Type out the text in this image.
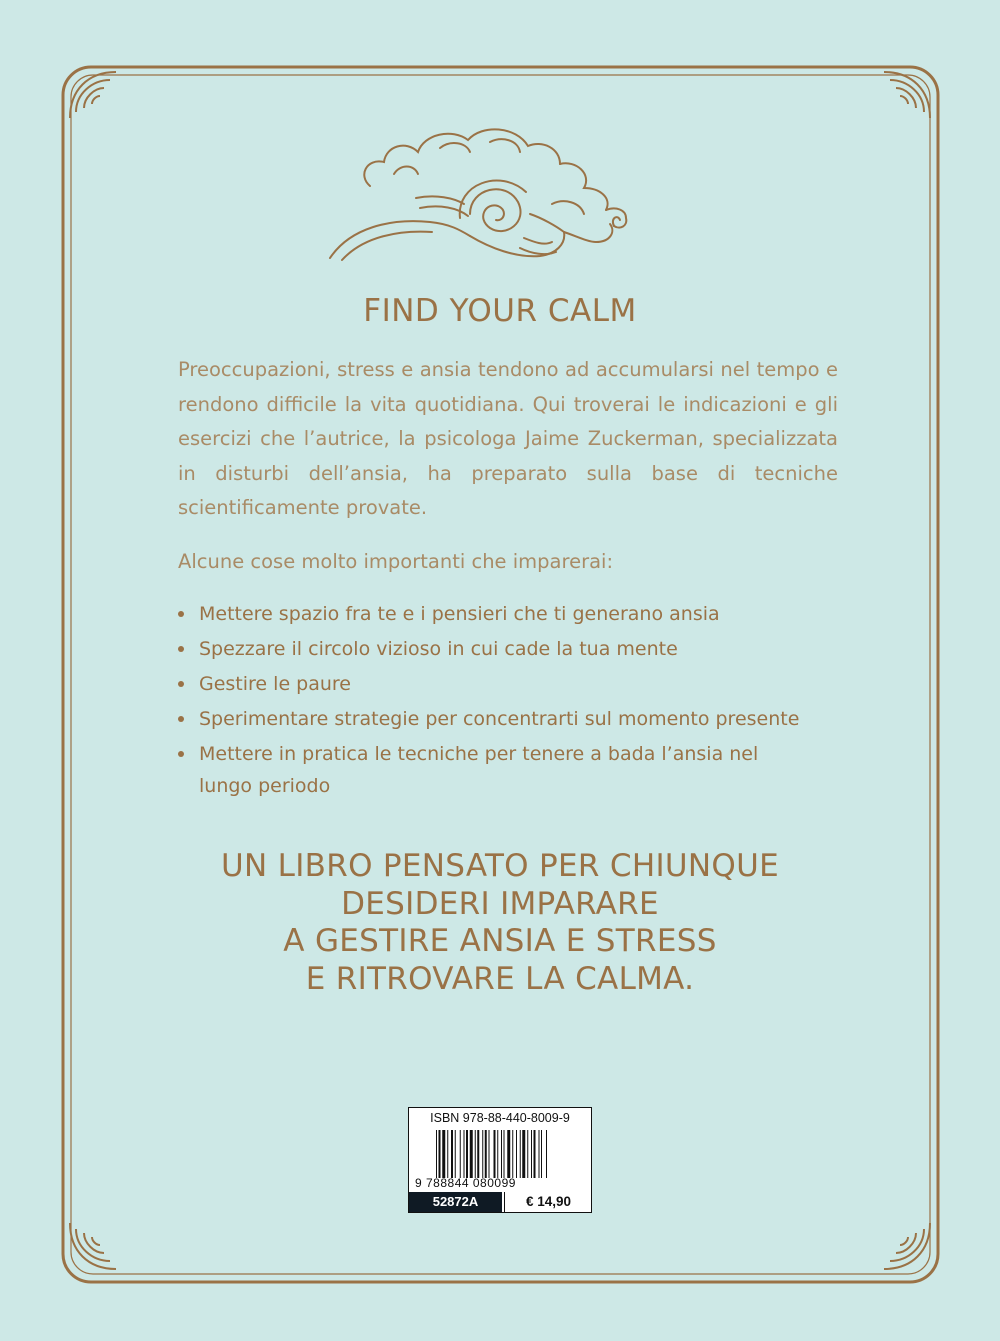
FIND YOUR CALM

Preoccupazioni, stress e ansia tendono ad accumularsi nel tempo e rendono difficile la vita quotidiana. Qui troverai le indicazioni e gli esercizi che l’autrice, la psicologa Jaime Zuckerman, specializzata in disturbi dell’ansia, ha preparato sulla base di tecniche scientificamente provate.

Alcune cose molto importanti che imparerai:

Mettere spazio fra te e i pensieri che ti generano ansia
Spezzare il circolo vizioso in cui cade la tua mente
Gestire le paure
Sperimentare strategie per concentrarti sul momento presente
Mettere in pratica le tecniche per tenere a bada l’ansia nel lungo periodo
UN LIBRO PENSATO PER CHIUNQUE
DESIDERI IMPARARE
A GESTIRE ANSIA E STRESS
E RITROVARE LA CALMA.
ISBN 978-88-440-8009-9
9 788844 080099
52872A	€ 14,90
